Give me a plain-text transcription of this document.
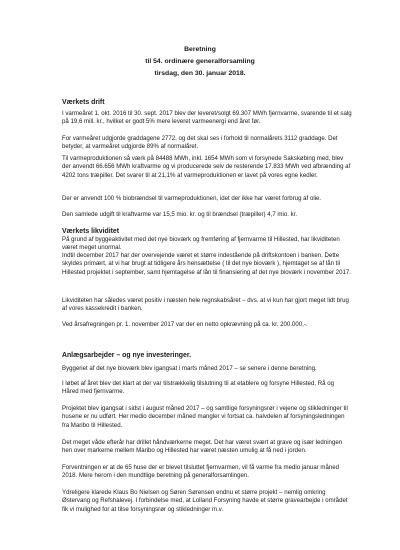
Beretning
til 54. ordinære generalforsamling
tirsdag, den 30. januar 2018.
Værkets drift

I varmeåret 1. okt. 2016 til 30. sept. 2017 blev der leveret/solgt 69.307 MWh fjernvarme, svarende til et salg på 19,6 mill. kr., hvilket er godt 5% mere leveret varmeenergi end året før.

For varmeåret udgjorde graddagene 2772, og det skal ses i forhold til normalårets 3112 graddage. Det betyder, at varmeåret udgjorde 89% af normalåret.

Til varmeproduktionen så værk på 84488 MWh, inkl. 1654 MWh som vi forsynede Sakskøbing med, blev der anvendt 66.656 MWh kraftvarme og vi producerede selv de resterende 17.833 MWh ved afbrænding af 4202 tons træpiller. Det svarer til at 21,1% af varmeproduktionen er lavet på vores egne kedler.

Der er anvendt 100 % biobrændsel til varmeproduktionen, idet der ikke har været forbrug af olie.

Den samlede udgift til kraftvarme var 15,5 mio. kr. og til brændsel (træpiller) 4,7 mio. kr.

Værkets likviditet

På grund af byggeaktivitet med det nye bioværk og fremføring af fjernvarme til Hillested, har likviditeten været meget unormal.

Indtil december 2017 har der overvejende været et større indestående på driftskontoen i banken. Dette skyldes primært, at vi har brugt at tidligere års hensættelse ( til det nye bioværk ), hjemtaget se af lån til Hillested projektet i september, samt hjemtagelse af lån til finansiering af det nye bioværk i november 2017.

Likviditeten har således været positiv i næsten hele regnskabsåret – dvs. at vi kun har gjort meget lidt brug af vores kassekredit i banken.

Ved årsafregningen pr. 1. november 2017 var der en netto opkrævning på ca. kr. 200.000,-.

Anlægsarbejder – og nye investeringer.

Byggeriet af det nye bioværk blev igangsat i marts måned 2017 – se senere i denne beretning.

I løbet af året blev det klart at der var tilstrækkelig tilslutning til at etablere og forsyne Hillested, Rå og Håred med fjernvarme.

Projektet blev igangsat i sidst i august måned 2017 – og samtlige forsyningsrør i vejene og stikledninger til husene er nu udført. Her medio december måned mangler vi fortsat ca. halvdelen af forsyningsledningen fra Maribo til Hillested.

Det meget våde efterår har drillet håndværkerne meget. Det har været svært at grave og især ledningen hen over markerne mellem Maribo og Hillested har været næsten umulig at få ned i jorden.

Forventningen er at de 65 huse der er blevet tilsluttet fjernvarmen, vil få varme fra medio januar måned 2018. Mere herom i den mundtlige beretning på generalforsamlingen.

Ydreligere klarede Klaus Bo Nielsen og Søren Sørensen endnu et større projekt – nemlig omkring Østervang og Refshalevej. I forbindelse med, at Lolland Forsyning havde et større gravearbejde i området fik vi mulighed for at tilse forsyningsrør og stikledninger m.v.
